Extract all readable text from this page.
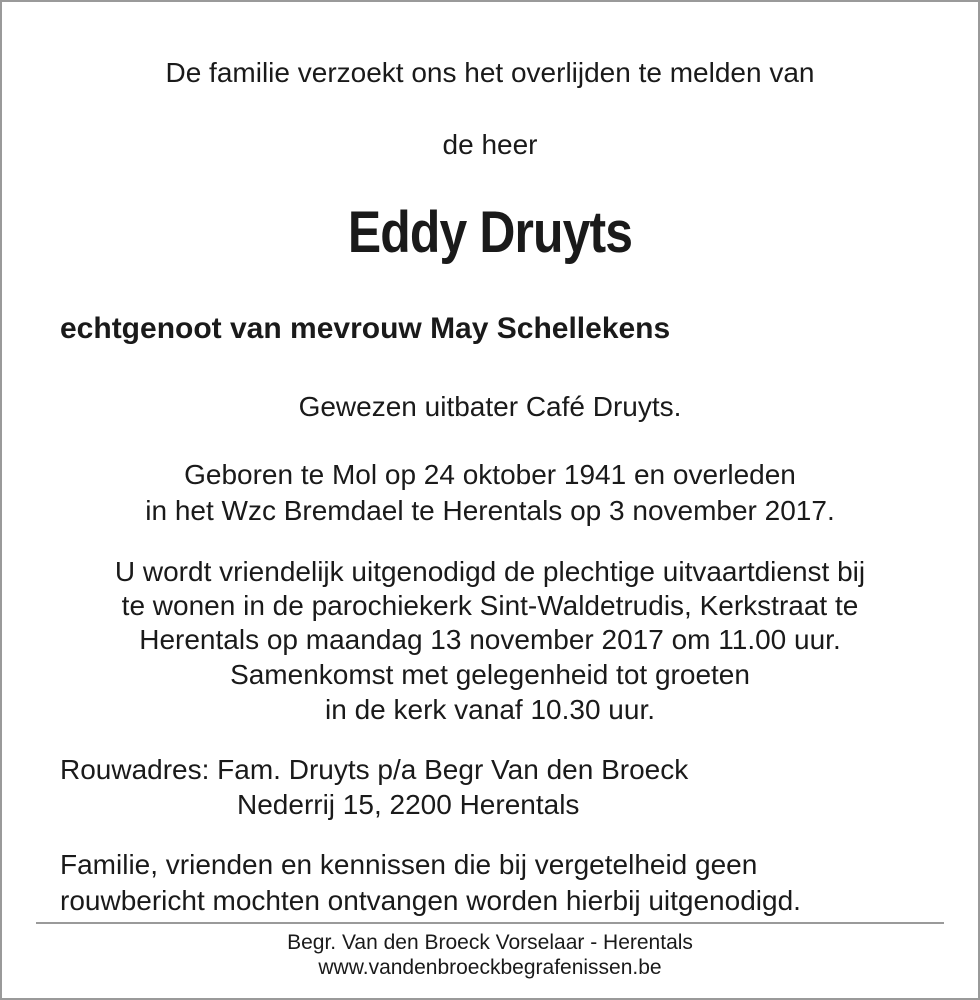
De familie verzoekt ons het overlijden te melden van
de heer
Eddy Druyts
echtgenoot van mevrouw May Schellekens
Gewezen uitbater Café Druyts.
Geboren te Mol op 24 oktober 1941 en overleden
in het Wzc Bremdael te Herentals op 3 november 2017.
U wordt vriendelijk uitgenodigd de plechtige uitvaartdienst bij
te wonen in de parochiekerk Sint-Waldetrudis, Kerkstraat te
Herentals op maandag 13 november 2017 om 11.00 uur.
Samenkomst met gelegenheid tot groeten
in de kerk vanaf 10.30 uur.
Rouwadres: Fam. Druyts p/a Begr Van den Broeck
Nederrij 15, 2200 Herentals
Familie, vrienden en kennissen die bij vergetelheid geen
rouwbericht mochten ontvangen worden hierbij uitgenodigd.
Begr. Van den Broeck Vorselaar - Herentals
www.vandenbroeckbegrafenissen.be
